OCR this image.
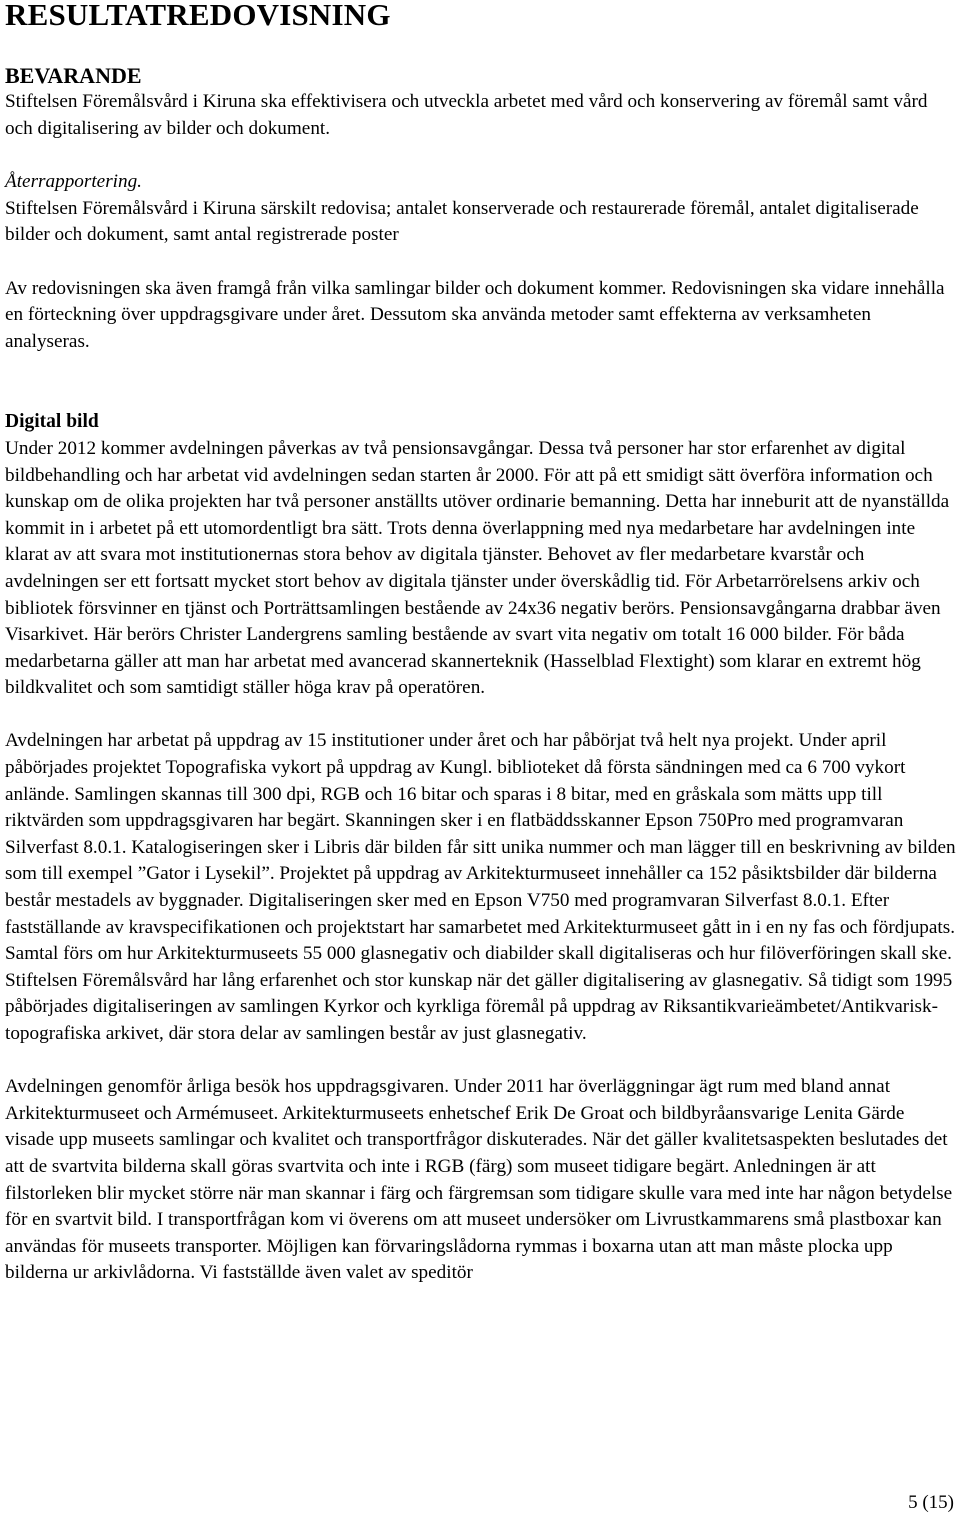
RESULTATREDOVISNING
BEVARANDE

Stiftelsen Föremålsvård i Kiruna ska effektivisera och utveckla arbetet med vård och konservering av föremål samt vård och digitalisering av bilder och dokument.

Återrapportering.

Stiftelsen Föremålsvård i Kiruna särskilt redovisa; antalet konserverade och restaurerade föremål, antalet digitaliserade bilder och dokument, samt antal registrerade poster

Av redovisningen ska även framgå från vilka samlingar bilder och dokument kommer. Redovisningen ska vidare innehålla en förteckning över uppdragsgivare under året. Dessutom ska använda metoder samt effekterna av verksamheten analyseras.

Digital bild

Under 2012 kommer avdelningen påverkas av två pensionsavgångar. Dessa två personer har stor erfarenhet av digital bildbehandling och har arbetat vid avdelningen sedan starten år 2000. För att på ett smidigt sätt överföra information och kunskap om de olika projekten har två personer anställts utöver ordinarie bemanning. Detta har inneburit att de nyanställda kommit in i arbetet på ett utomordentligt bra sätt. Trots denna överlappning med nya medarbetare har avdelningen inte klarat av att svara mot institutionernas stora behov av digitala tjänster. Behovet av fler medarbetare kvarstår och avdelningen ser ett fortsatt mycket stort behov av digitala tjänster under överskådlig tid. För Arbetarrörelsens arkiv och bibliotek försvinner en tjänst och Porträttsamlingen bestående av 24x36 negativ berörs. Pensionsavgångarna drabbar även Visarkivet. Här berörs Christer Landergrens samling bestående av svart vita negativ om totalt 16 000 bilder. För båda medarbetarna gäller att man har arbetat med avancerad skannerteknik (Hasselblad Flextight) som klarar en extremt hög bildkvalitet och som samtidigt ställer höga krav på operatören.

Avdelningen har arbetat på uppdrag av 15 institutioner under året och har påbörjat två helt nya projekt. Under april påbörjades projektet Topografiska vykort på uppdrag av Kungl. biblioteket då första sändningen med ca 6 700 vykort anlände. Samlingen skannas till 300 dpi, RGB och 16 bitar och sparas i 8 bitar, med en gråskala som mätts upp till riktvärden som uppdragsgivaren har begärt. Skanningen sker i en flatbäddsskanner Epson 750Pro med programvaran Silverfast 8.0.1. Katalogiseringen sker i Libris där bilden får sitt unika nummer och man lägger till en beskrivning av bilden som till exempel ”Gator i Lysekil”. Projektet på uppdrag av Arkitekturmuseet innehåller ca 152 påsiktsbilder där bilderna består mestadels av byggnader. Digitaliseringen sker med en Epson V750 med programvaran Silverfast 8.0.1. Efter fastställande av kravspecifikationen och projektstart har samarbetet med Arkitekturmuseet gått in i en ny fas och fördjupats. Samtal förs om hur Arkitekturmuseets 55 000 glasnegativ och diabilder skall digitaliseras och hur filöverföringen skall ske. Stiftelsen Föremålsvård har lång erfarenhet och stor kunskap när det gäller digitalisering av glasnegativ. Så tidigt som 1995 påbörjades digitaliseringen av samlingen Kyrkor och kyrkliga föremål på uppdrag av Riksantikvarieämbetet/Antikvarisk-topografiska arkivet, där stora delar av samlingen består av just glasnegativ.

Avdelningen genomför årliga besök hos uppdragsgivaren. Under 2011 har överläggningar ägt rum med bland annat Arkitekturmuseet och Armémuseet. Arkitekturmuseets enhetschef Erik De Groat och bildbyråansvarige Lenita Gärde visade upp museets samlingar och kvalitet och transportfrågor diskuterades. När det gäller kvalitetsaspekten beslutades det att de svartvita bilderna skall göras svartvita och inte i RGB (färg) som museet tidigare begärt. Anledningen är att filstorleken blir mycket större när man skannar i färg och färgremsan som tidigare skulle vara med inte har någon betydelse för en svartvit bild. I transportfrågan kom vi överens om att museet undersöker om Livrustkammarens små plastboxar kan användas för museets transporter. Möjligen kan förvaringslådorna rymmas i boxarna utan att man måste plocka upp bilderna ur arkivlådorna. Vi fastställde även valet av speditör

5 (15)
